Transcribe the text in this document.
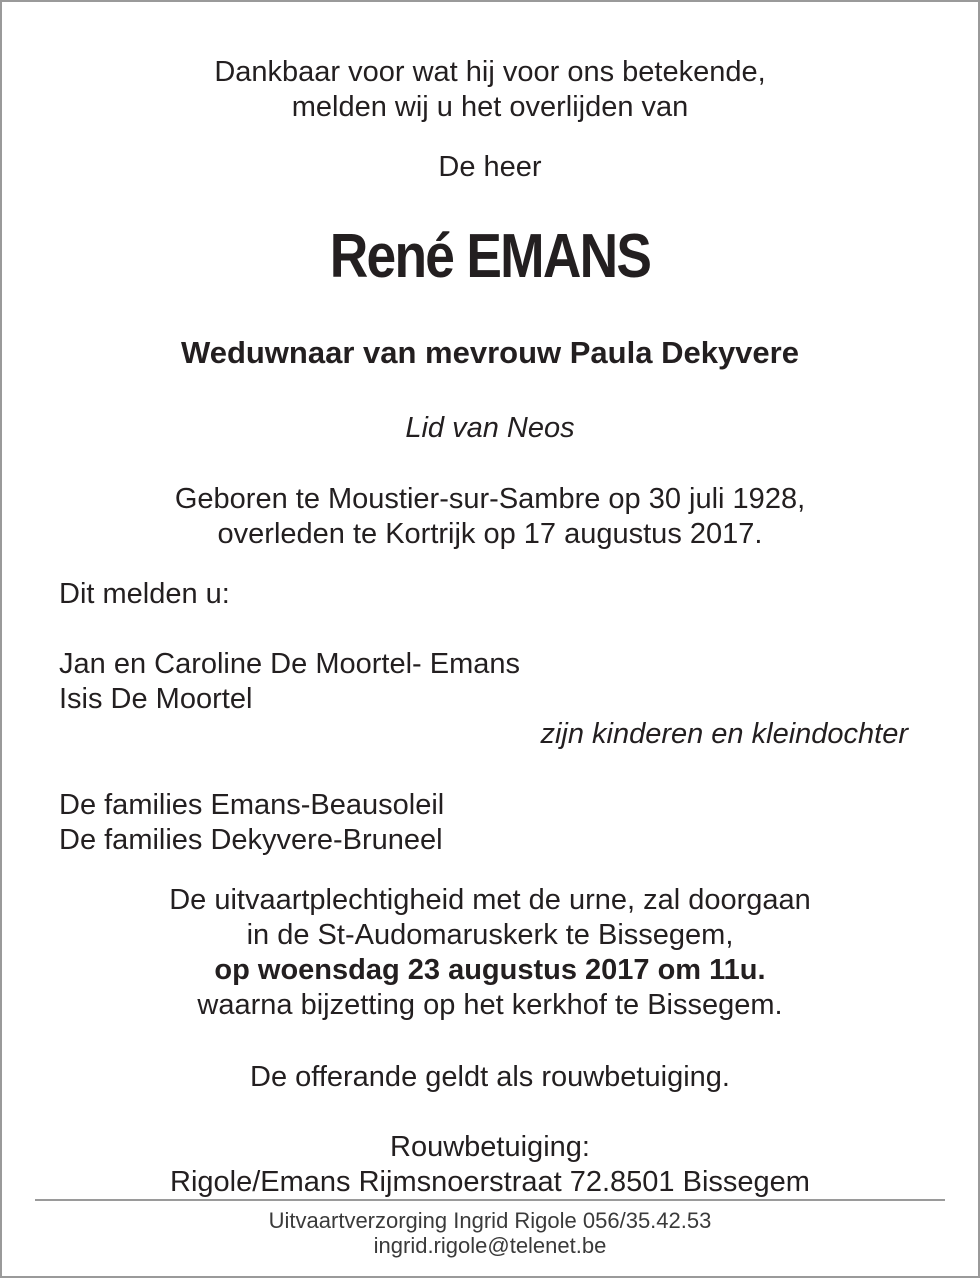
Dankbaar voor wat hij voor ons betekende,
melden wij u het overlijden van
De heer
René EMANS
Weduwnaar van mevrouw Paula Dekyvere
Lid van Neos
Geboren te Moustier-sur-Sambre op 30 juli 1928,
overleden te Kortrijk op 17 augustus 2017.
Dit melden u:
Jan en Caroline De Moortel- Emans
Isis De Moortel
zijn kinderen en kleindochter
De families Emans-Beausoleil
De families Dekyvere-Bruneel
De uitvaartplechtigheid met de urne, zal doorgaan
in de St-Audomaruskerk te Bissegem,
op woensdag 23 augustus 2017 om 11u.
waarna bijzetting op het kerkhof te Bissegem.
De offerande geldt als rouwbetuiging.
Rouwbetuiging:
Rigole/Emans Rijmsnoerstraat 72.8501 Bissegem
Uitvaartverzorging Ingrid Rigole 056/35.42.53
ingrid.rigole@telenet.be
